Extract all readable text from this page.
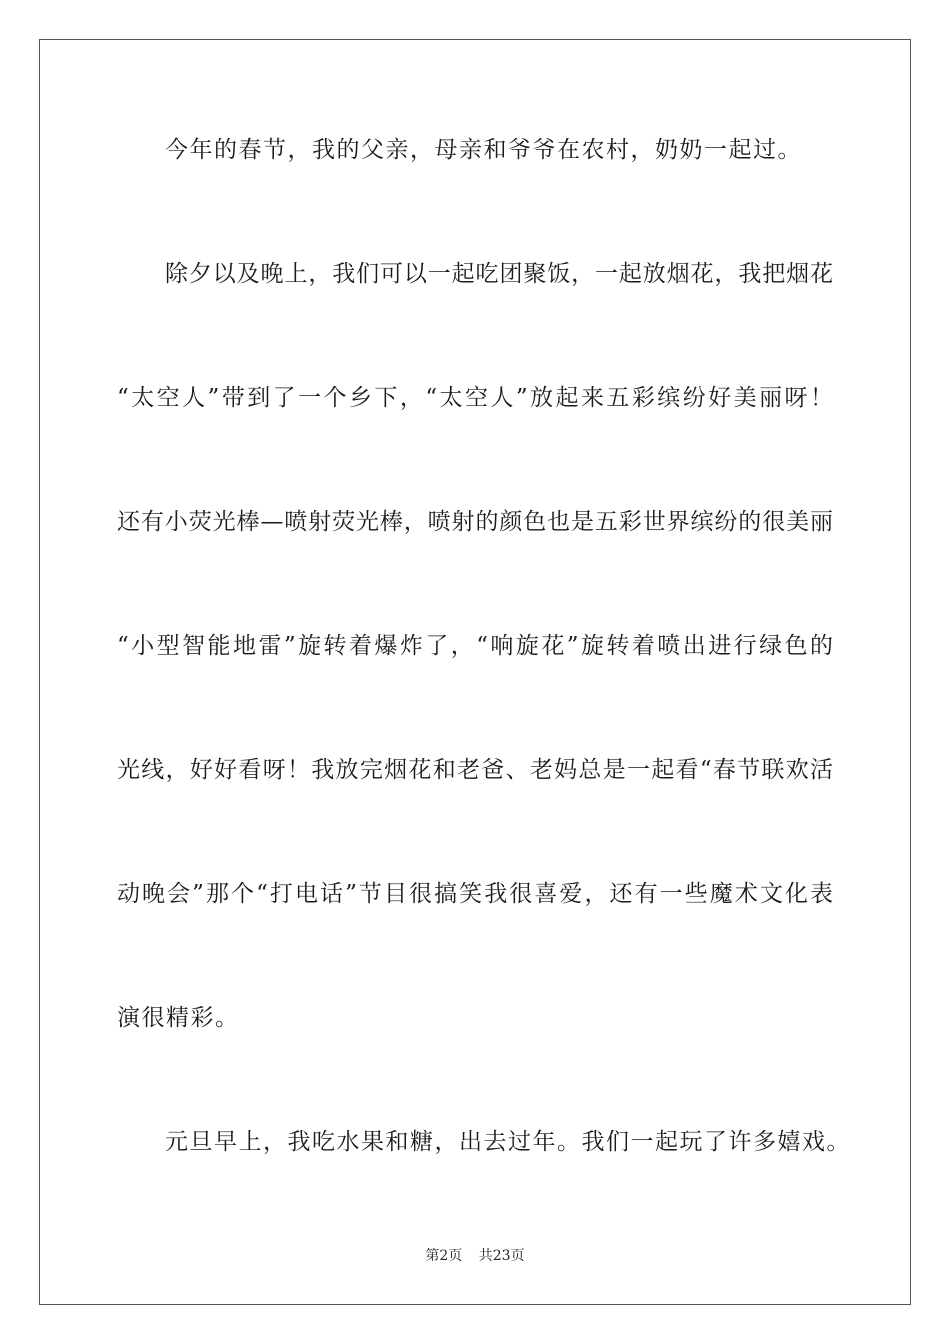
今年的春节，我的父亲，母亲和爷爷在农村，奶奶一起过。
除夕以及晚上，我们可以一起吃团聚饭，一起放烟花，我把烟花
“太空人”带到了一个乡下，“太空人”放起来五彩缤纷好美丽呀！
还有小荧光棒—喷射荧光棒，喷射的颜色也是五彩世界缤纷的很美丽
“小型智能地雷”旋转着爆炸了，“响旋花”旋转着喷出进行绿色的
光线，好好看呀！我放完烟花和老爸、老妈总是一起看“春节联欢活
动晚会”那个“打电话”节目很搞笑我很喜爱，还有一些魔术文化表
演很精彩。
元旦早上，我吃水果和糖，出去过年。我们一起玩了许多嬉戏。
第2页 共23页
